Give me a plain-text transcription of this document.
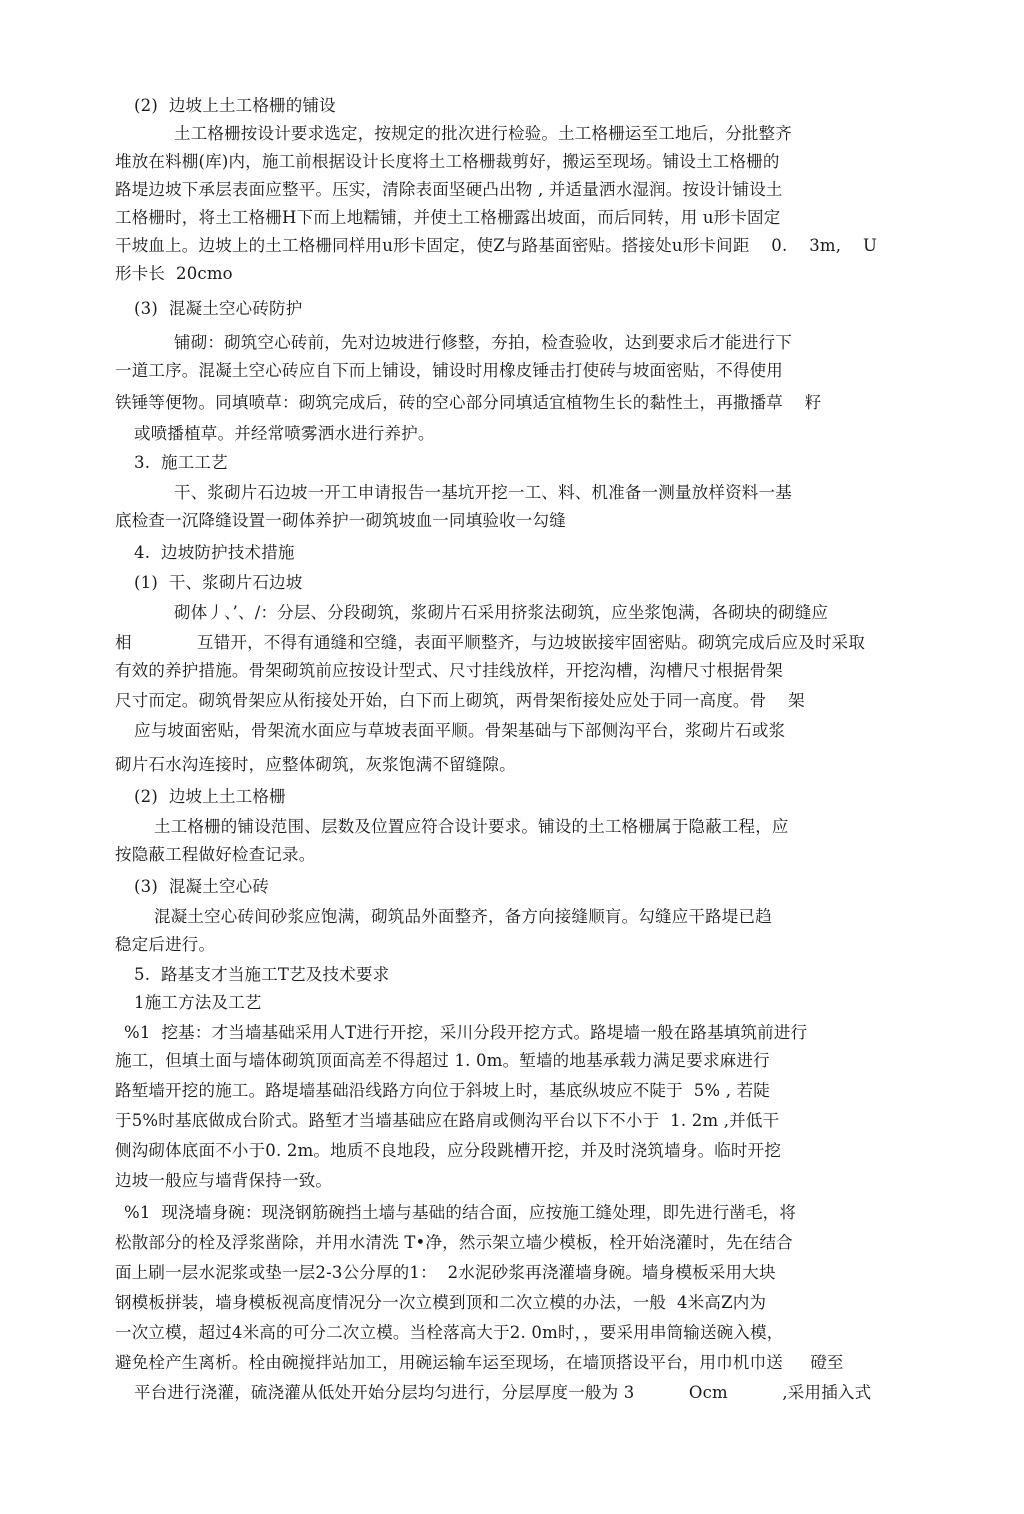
(2)  边坡上土工格栅的铺设
土工格栅按设计要求选定，按规定的批次进行检验。土工格栅运至工地后，分批整齐
堆放在料棚(库)内，施工前根据设计长度将土工格栅裁剪好，搬运至现场。铺设土工格栅的
路堤边坡下承层表面应整平。压实，清除表面坚硬凸出物 , 并适量洒水湿润。按设计铺设土
工格栅时，将土工格栅H下而上地糯铺，并使土工格栅露出坡面，而后同转，用 u形卡固定
干坡血上。边坡上的土工格栅同样用u形卡固定，使Z与路基面密贴。搭接处u形卡间距    0.    3m,    U
形卡长  20cmo
(3)  混凝土空心砖防护
铺砌：砌筑空心砖前，先对边坡进行修整，夯拍，检查验收，达到要求后才能进行下
一道工序。混凝土空心砖应自下而上铺设，铺设时用橡皮锤击打使砖与坡面密贴，不得使用
铁锤等便物。同填喷草：砌筑完成后，砖的空心部分同填适宜植物生长的黏性土，再撒播草    籽
或喷播植草。并经常喷雾洒水进行养护。
3.  施工工艺
干、浆砌片石边坡一开工申请报告一基坑开挖一工、料、机准备一测量放样资料一基
底检查一沉降缝设置一砌体养护一砌筑坡血一同填验收一勾缝
4.  边坡防护技术措施
(1)  干、浆砌片石边坡
砌体丿、’、/：分层、分段砌筑，浆砌片石采用挤浆法砌筑，应坐浆饱满，各砌块的砌缝应
相            互错开，不得有通缝和空缝，表面平顺整齐，与边坡嵌接牢固密贴。砌筑完成后应及时采取
有效的养护措施。骨架砌筑前应按设计型式、尺寸挂线放样，开挖沟槽，沟槽尺寸根据骨架
尺寸而定。砌筑骨架应从衔接处开始，白下而上砌筑，两骨架衔接处应处于同一高度。骨    架
应与坡面密贴，骨架流水面应与草坡表面平顺。骨架基础与下部侧沟平台，浆砌片石或浆
砌片石水沟连接时，应整体砌筑，灰浆饱满不留缝隙。
(2)  边坡上土工格栅
土工格栅的铺设范围、层数及位置应符合设计要求。铺设的土工格栅属于隐蔽工程，应
按隐蔽工程做好检查记录。
(3)  混凝土空心砖
混凝土空心砖间砂浆应饱满，砌筑品外面整齐，备方向接缝顺肓。勾缝应干路堤已趋
稳定后进行。
5.  路基支才当施工T艺及技术要求
1施工方法及工艺
%1  挖基：才当墙基础采用人T进行开挖，采川分段开挖方式。路堤墙一般在路基填筑前进行
施工，但填土面与墙体砌筑顶面高差不得超过 1. 0m。堑墙的地基承载力满足要求麻进行
路堑墙开挖的施工。路堤墙基础沿线路方向位于斜坡上时，基底纵坡应不陡于  5% , 若陡
于5%时基底做成台阶式。路堑才当墙基础应在路肩或侧沟平台以下不小于  1. 2m ,并低干
侧沟砌体底面不小于0. 2m。地质不良地段，应分段跳槽开挖，并及时浇筑墙身。临时开挖
边坡一般应与墙背保持一致。
%1  现浇墙身碗：现浇钢筋碗挡土墙与基础的结合面，应按施工缝处理，即先进行凿毛，将
松散部分的栓及浮浆凿除，并用水清洗 T•净，然示架立墙少模板，栓开始浇灌时，先在结合
面上刷一层水泥浆或垫一层2-3公分厚的1：  2水泥砂浆再浇灌墙身碗。墙身模板采用大块
钢模板拼装，墙身模板视高度情况分一次立模到顶和二次立模的办法，一般  4米高Z内为
一次立模，超过4米高的可分二次立模。当栓落高大于2. 0m时，，要采用串筒输送碗入模，
避免栓产生离析。栓由碗搅拌站加工，用碗运输车运至现场，在墙顶搭设平台，用巾机巾送     磴至
平台进行浇灌，硫浇灌从低处开始分层均匀进行，分层厚度一般为 3          Ocm          ,采用插入式
